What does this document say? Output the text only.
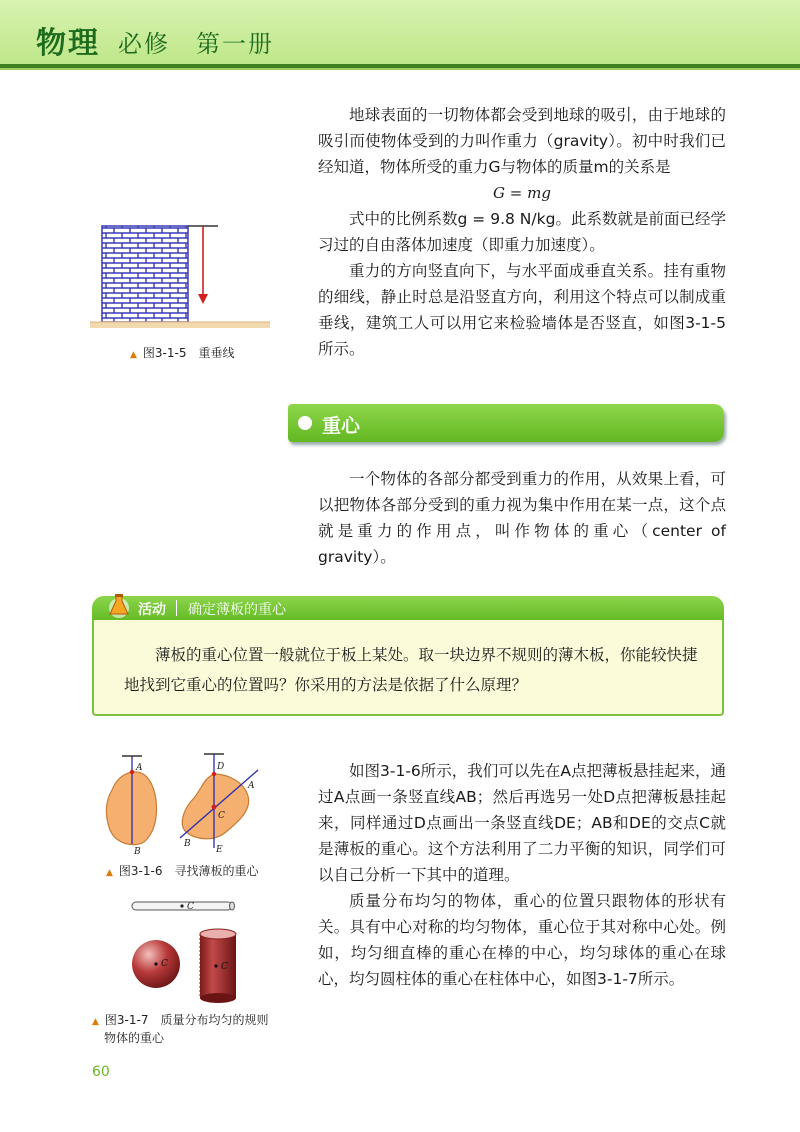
物理 必修　第一册

地球表面的一切物体都会受到地球的吸引，由于地球的吸引而使物体受到的力叫作重力（gravity）。初中时我们已经知道，物体所受的重力G与物体的质量m的关系是

G = mg

式中的比例系数g = 9.8 N/kg。此系数就是前面已经学习过的自由落体加速度（即重力加速度）。

重力的方向竖直向下，与水平面成垂直关系。挂有重物的细线，静止时总是沿竖直方向，利用这个特点可以制成重垂线，建筑工人可以用它来检验墙体是否竖直，如图3-1-5所示。

▲ 图3-1-5　重垂线
重心

一个物体的各部分都受到重力的作用，从效果上看，可以把物体各部分受到的重力视为集中作用在某一点，这个点就是重力的作用点，叫作物体的重心（center of gravity）。

活动 确定薄板的重心

薄板的重心位置一般就位于板上某处。取一块边界不规则的薄木板，你能较快捷地找到它重心的位置吗？你采用的方法是依据了什么原理？

A
B
D
A
C
B
E
▲ 图3-1-6　寻找薄板的重心
C
C	C
▲ 图3-1-7　质量分布均匀的规则
物体的重心

如图3-1-6所示，我们可以先在A点把薄板悬挂起来，通过A点画一条竖直线AB；然后再选另一处D点把薄板悬挂起来，同样通过D点画出一条竖直线DE；AB和DE的交点C就是薄板的重心。这个方法利用了二力平衡的知识，同学们可以自己分析一下其中的道理。

质量分布均匀的物体，重心的位置只跟物体的形状有关。具有中心对称的均匀物体，重心位于其对称中心处。例如，均匀细直棒的重心在棒的中心，均匀球体的重心在球心，均匀圆柱体的重心在柱体中心，如图3-1-7所示。

60
